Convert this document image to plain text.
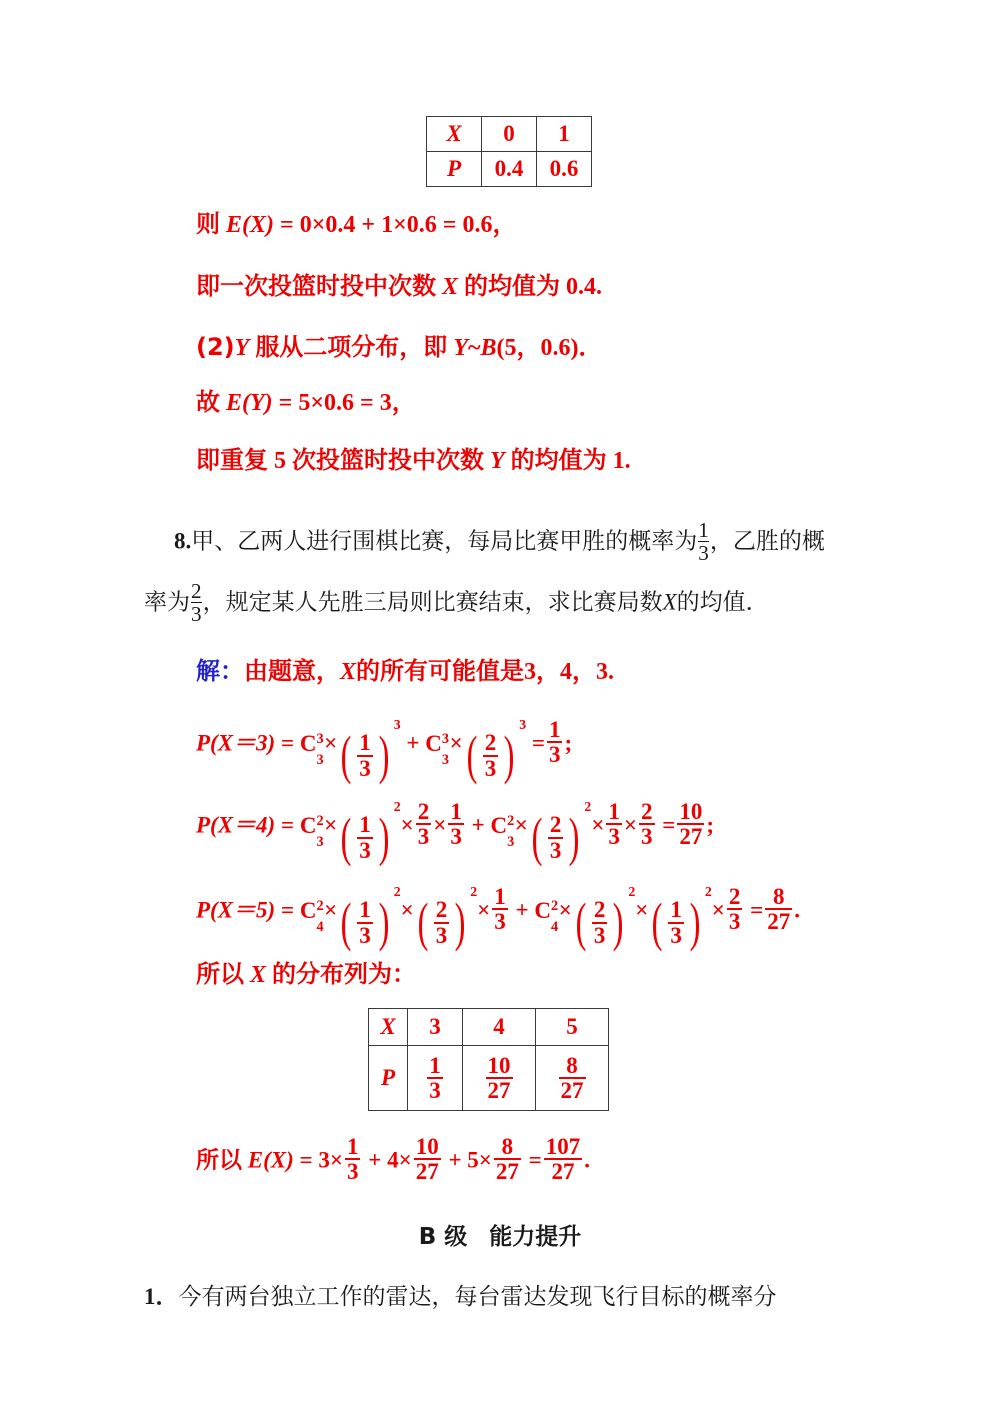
X	0	1
P	0.4	0.6
则 E(X) = 0×0.4 + 1×0.6 = 0.6，
即一次投篮时投中次数 X 的均值为 0.4.
(2)Y 服从二项分布，即 Y~B(5，0.6)．
故 E(Y) = 5×0.6 = 3，
即重复 5 次投篮时投中次数 Y 的均值为 1.
8.甲、乙两人进行围棋比赛，每局比赛甲胜的概率为 $\frac{1}{3}$ ，乙胜的概
率为 $\frac{2}{3}$ ，规定某人先胜三局则比赛结束，求比赛局数X的均值．
解：由题意，X的所有可能值是3，4，3.
P(X＝3) = C 3
3
×( $\frac{1}{3} )^3 + C$ 3
3
×( $\frac{2}{3} )^3 = \frac{1}{3}$ ;
P(X＝4) = C 2
3
×( $\frac{1}{3} )^2\times \frac{2}{3} \times \frac{1}{3} + C$ 2
3
×( $\frac{2}{3} )^2\times \frac{1}{3} \times \frac{2}{3} = \frac{10}{27}$ ;
P(X＝5) = C 2
4
×( $\frac{1}{3} )^2\times( \frac{2}{3} )^2\times \frac{1}{3} + C$ 2
4
×( $\frac{2}{3} )^2\times( \frac{1}{3} )^2\times \frac{2}{3} = \frac{8}{27}$ .
所以 X 的分布列为：
X	3	4	5
P	$\frac{1}{3}$	$\frac{10}{27}$	$\frac{8}{27}$
所以 $E(X) = 3\times \frac{1}{3} + 4\times \frac{10}{27} + 5\times \frac{8}{27} = \frac{107}{27}$ .
B 级 能力提升
1．今有两台独立工作的雷达，每台雷达发现飞行目标的概率分
